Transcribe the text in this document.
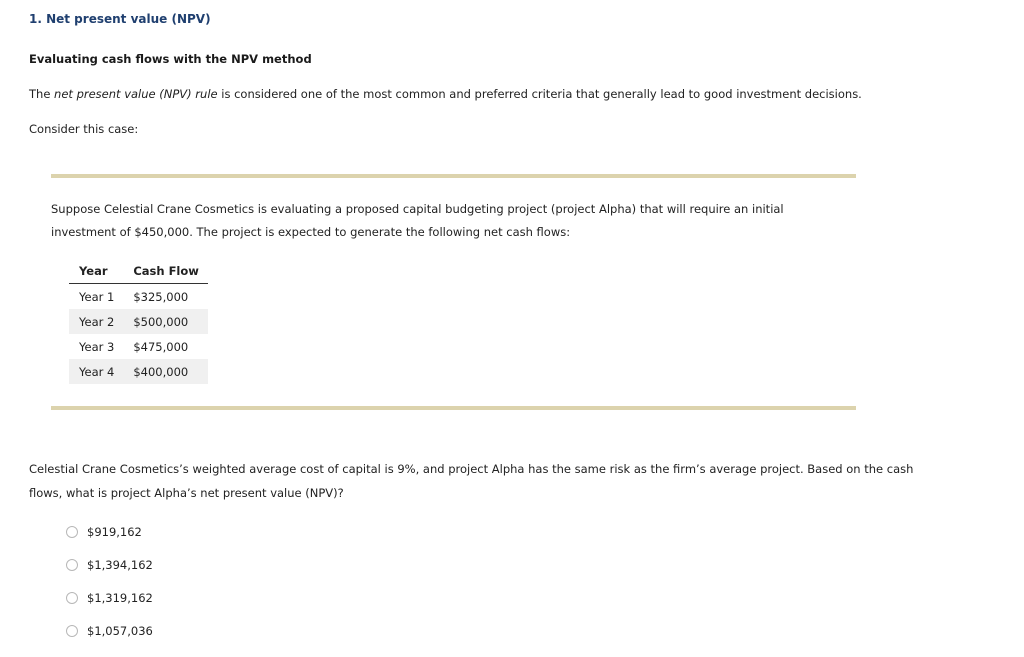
1. Net present value (NPV)
Evaluating cash flows with the NPV method
The net present value (NPV) rule is considered one of the most common and preferred criteria that generally lead to good investment decisions.
Consider this case:
Suppose Celestial Crane Cosmetics is evaluating a proposed capital budgeting project (project Alpha) that will require an initial investment of $450,000. The project is expected to generate the following net cash flows:
Year	Cash Flow
Year 1	$325,000
Year 2	$500,000
Year 3	$475,000
Year 4	$400,000
Celestial Crane Cosmetics’s weighted average cost of capital is 9%, and project Alpha has the same risk as the firm’s average project. Based on the cash flows, what is project Alpha’s net present value (NPV)?
$919,162
$1,394,162
$1,319,162
$1,057,036
